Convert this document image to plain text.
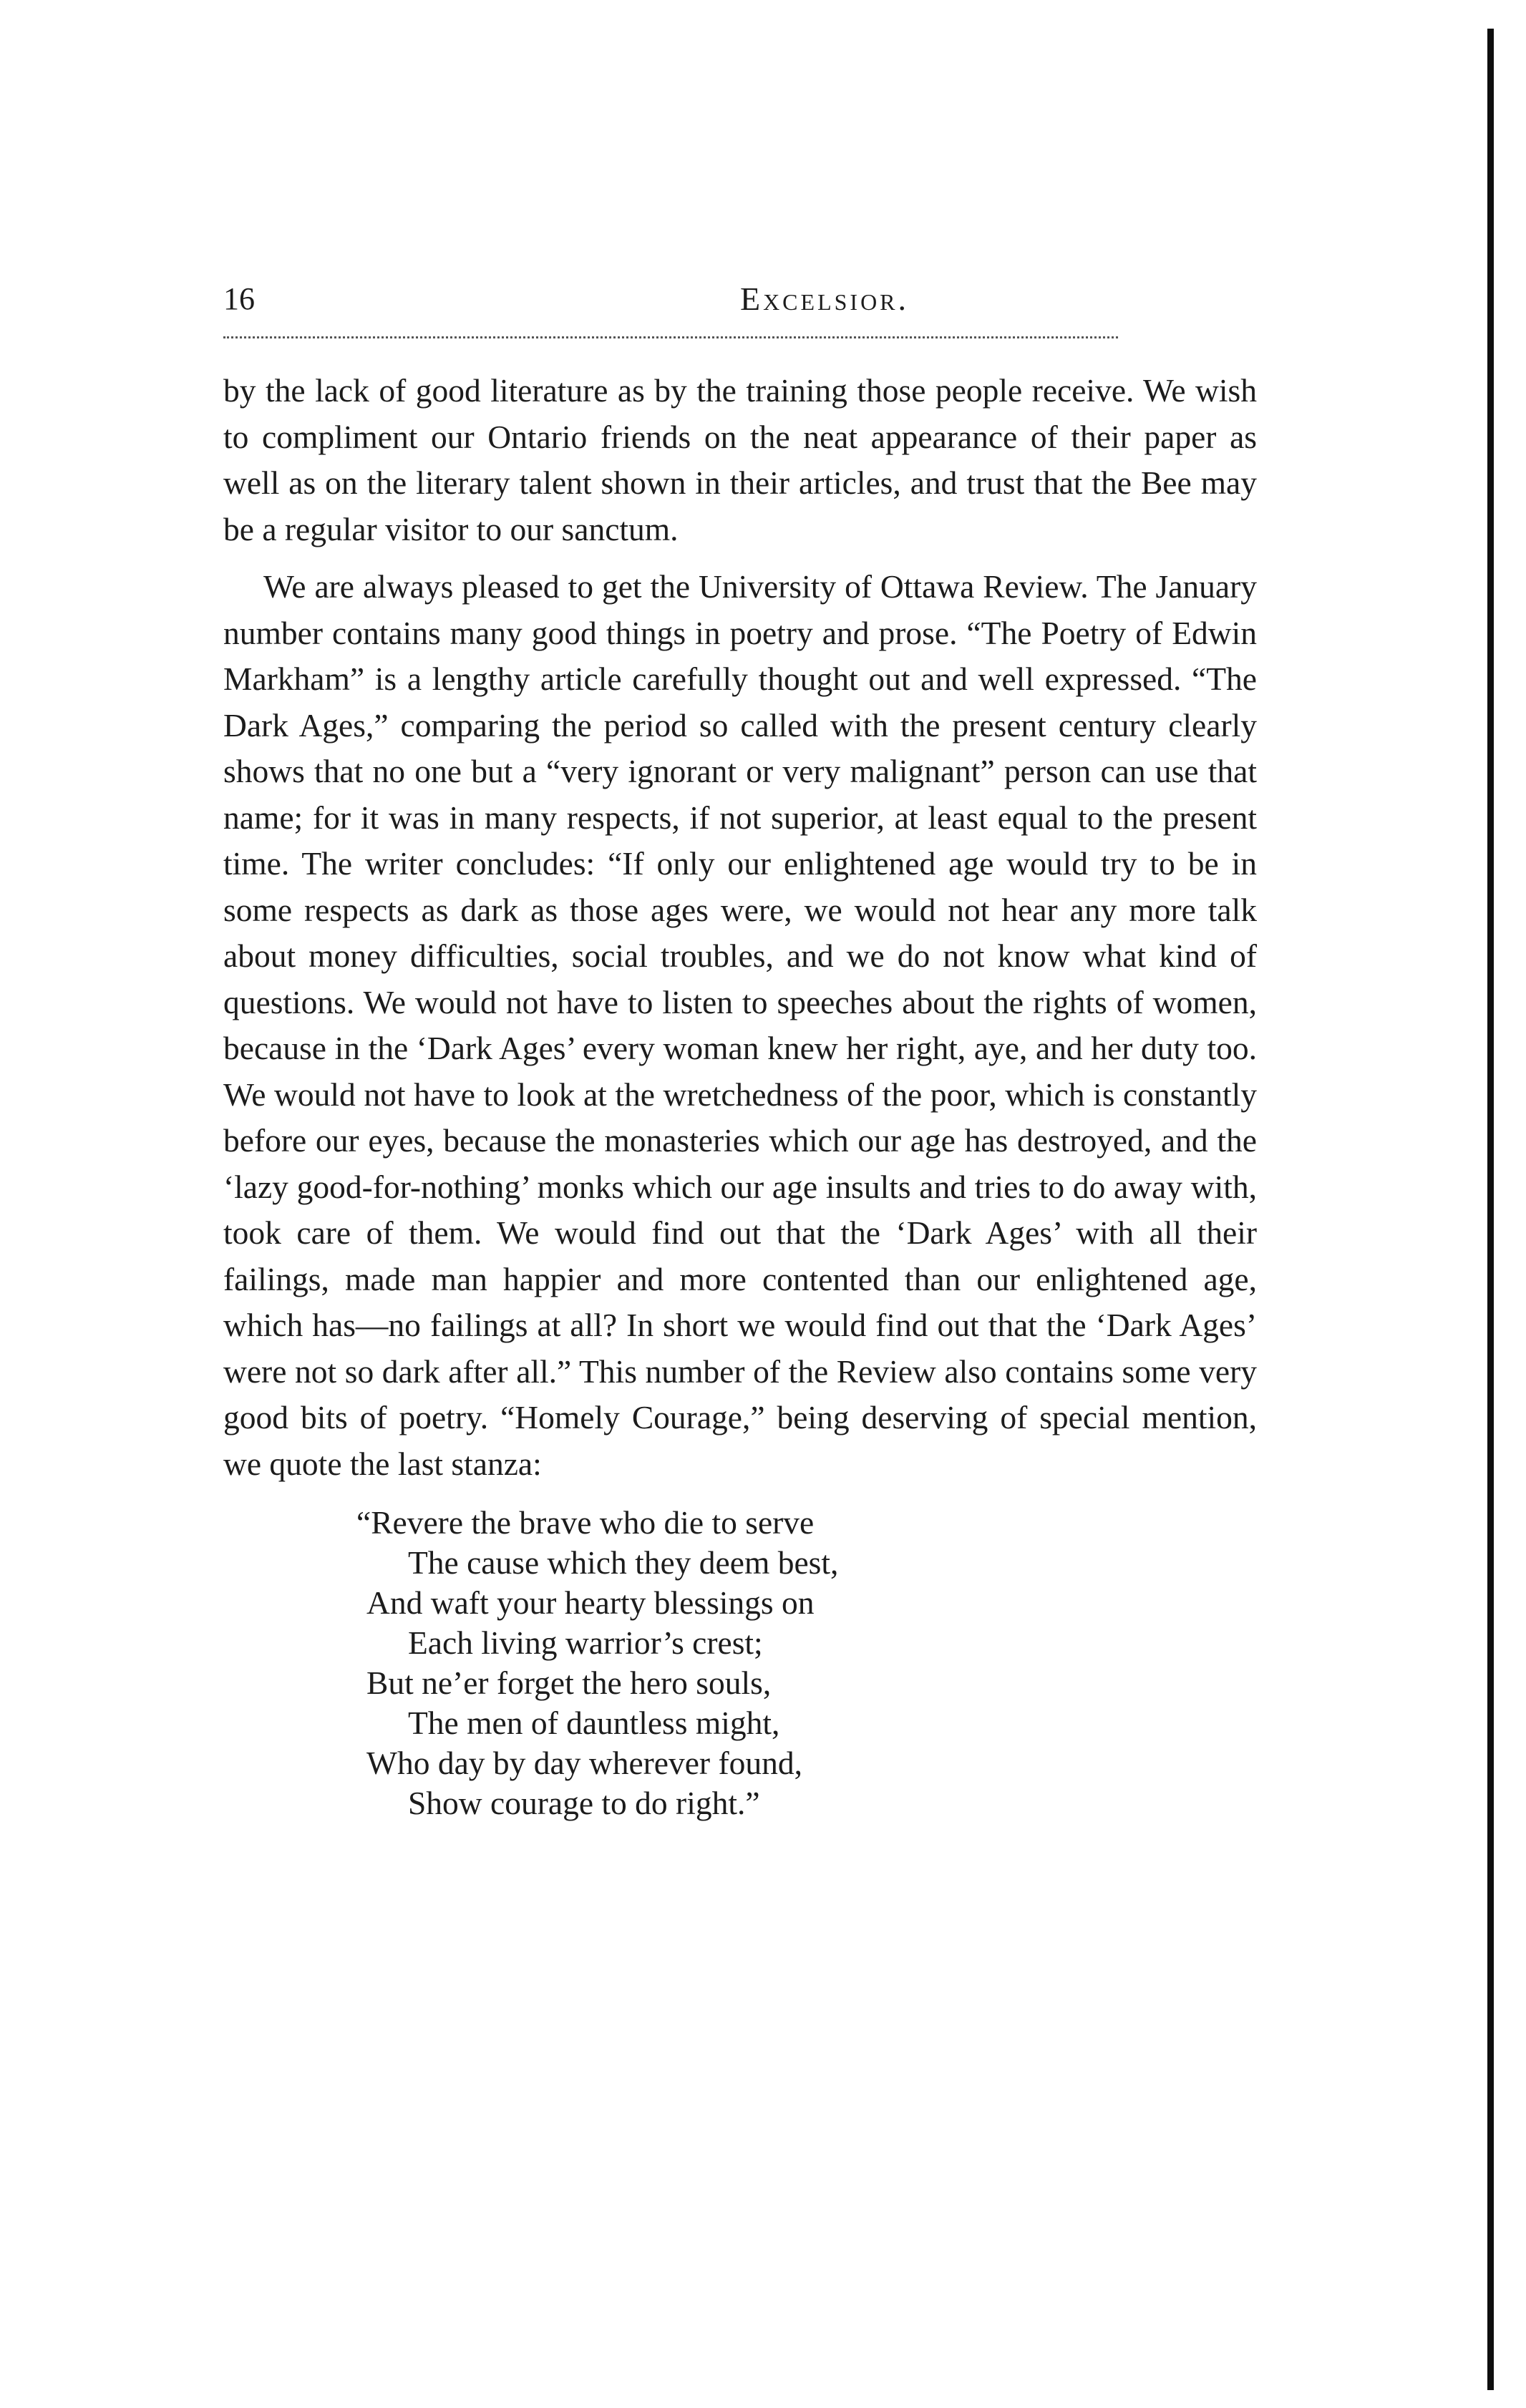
16	Excelsior.

by the lack of good literature as by the training those people receive. We wish to compliment our Ontario friends on the neat appearance of their paper as well as on the literary talent shown in their articles, and trust that the Bee may be a regular visitor to our sanctum.

We are always pleased to get the University of Ottawa Review. The January number contains many good things in poetry and prose. “The Poetry of Edwin Markham” is a lengthy article carefully thought out and well expressed. “The Dark Ages,” comparing the period so called with the present century clearly shows that no one but a “very ignorant or very malignant” person can use that name; for it was in many respects, if not superior, at least equal to the present time. The writer concludes: “If only our enlightened age would try to be in some respects as dark as those ages were, we would not hear any more talk about money difficulties, social troubles, and we do not know what kind of questions. We would not have to listen to speeches about the rights of women, because in the ‘Dark Ages’ every woman knew her right, aye, and her duty too. We would not have to look at the wretchedness of the poor, which is constantly before our eyes, because the monasteries which our age has destroyed, and the ‘lazy good-for-nothing’ monks which our age insults and tries to do away with, took care of them. We would find out that the ‘Dark Ages’ with all their failings, made man happier and more contented than our enlightened age, which has—no failings at all? In short we would find out that the ‘Dark Ages’ were not so dark after all.” This number of the Review also contains some very good bits of poetry. “Homely Courage,” being deserving of special mention, we quote the last stanza:

“Revere the brave who die to serve
The cause which they deem best,
And waft your hearty blessings on
Each living warrior’s crest;
But ne’er forget the hero souls,
The men of dauntless might,
Who day by day wherever found,
Show courage to do right.”
